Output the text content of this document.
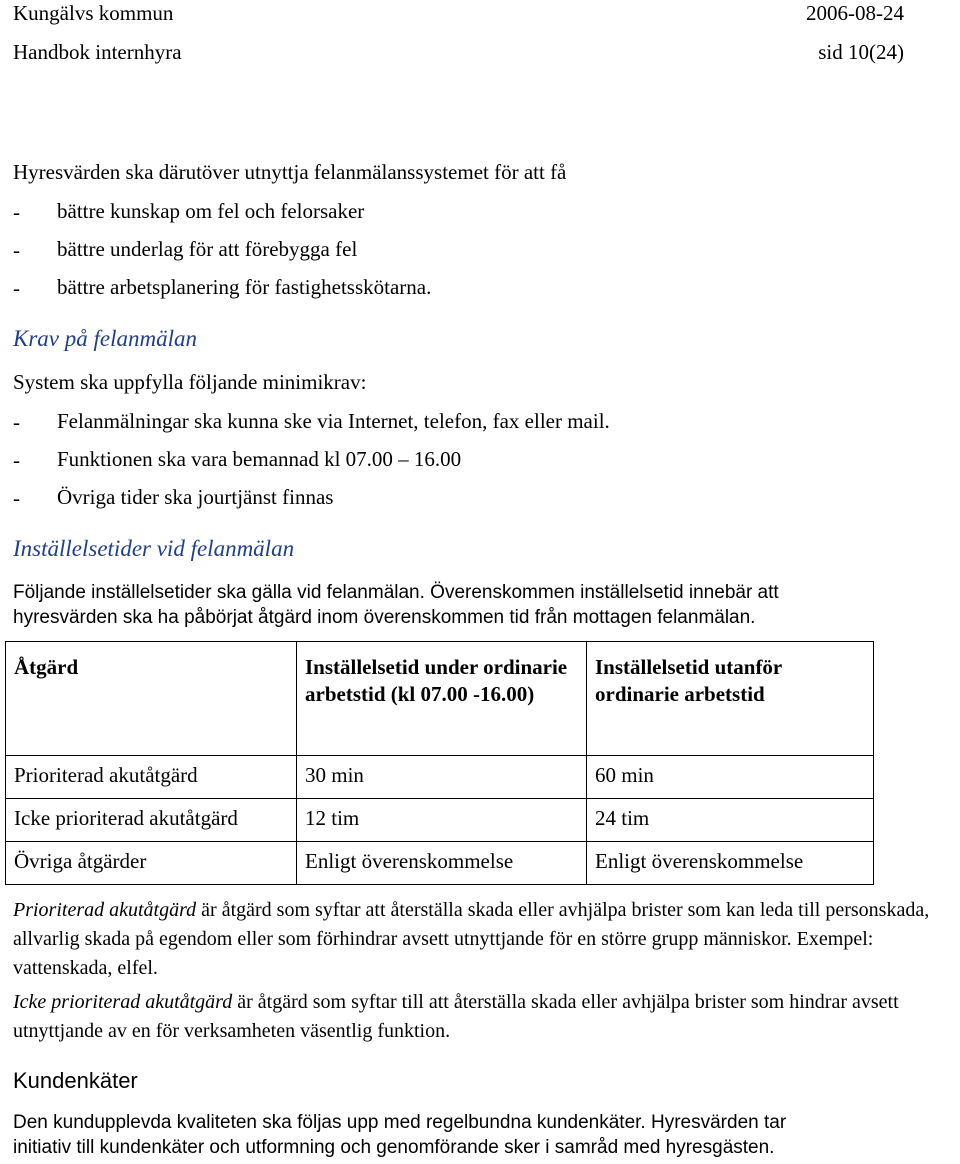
Kungälvs kommun	2006-08-24
Handbok internhyra	sid 10(24)
Hyresvärden ska därutöver utnyttja felanmälanssystemet för att få
- bättre kunskap om fel och felorsaker
- bättre underlag för att förebygga fel
- bättre arbetsplanering för fastighetsskötarna.
Krav på felanmälan
System ska uppfylla följande minimikrav:
- Felanmälningar ska kunna ske via Internet, telefon, fax eller mail.
- Funktionen ska vara bemannad kl 07.00 – 16.00
- Övriga tider ska jourtjänst finnas
Inställelsetider vid felanmälan
Följande inställelsetider ska gälla vid felanmälan. Överenskommen inställelsetid innebär att
hyresvärden ska ha påbörjat åtgärd inom överenskommen tid från mottagen felanmälan.
Åtgärd	Inställelsetid under ordinarie arbetstid (kl 07.00 -16.00)	Inställelsetid utanför ordinarie arbetstid
Prioriterad akutåtgärd	30 min	60 min
Icke prioriterad akutåtgärd	12 tim	24 tim
Övriga åtgärder	Enligt överenskommelse	Enligt överenskommelse
Prioriterad akutåtgärd är åtgärd som syftar att återställa skada eller avhjälpa brister som kan leda till personskada, allvarlig skada på egendom eller som förhindrar avsett utnyttjande för en större grupp människor. Exempel: vattenskada, elfel.
Icke prioriterad akutåtgärd är åtgärd som syftar till att återställa skada eller avhjälpa brister som hindrar avsett utnyttjande av en för verksamheten väsentlig funktion.
Kundenkäter
Den kundupplevda kvaliteten ska följas upp med regelbundna kundenkäter. Hyresvärden tar
initiativ till kundenkäter och utformning och genomförande sker i samråd med hyresgästen.
